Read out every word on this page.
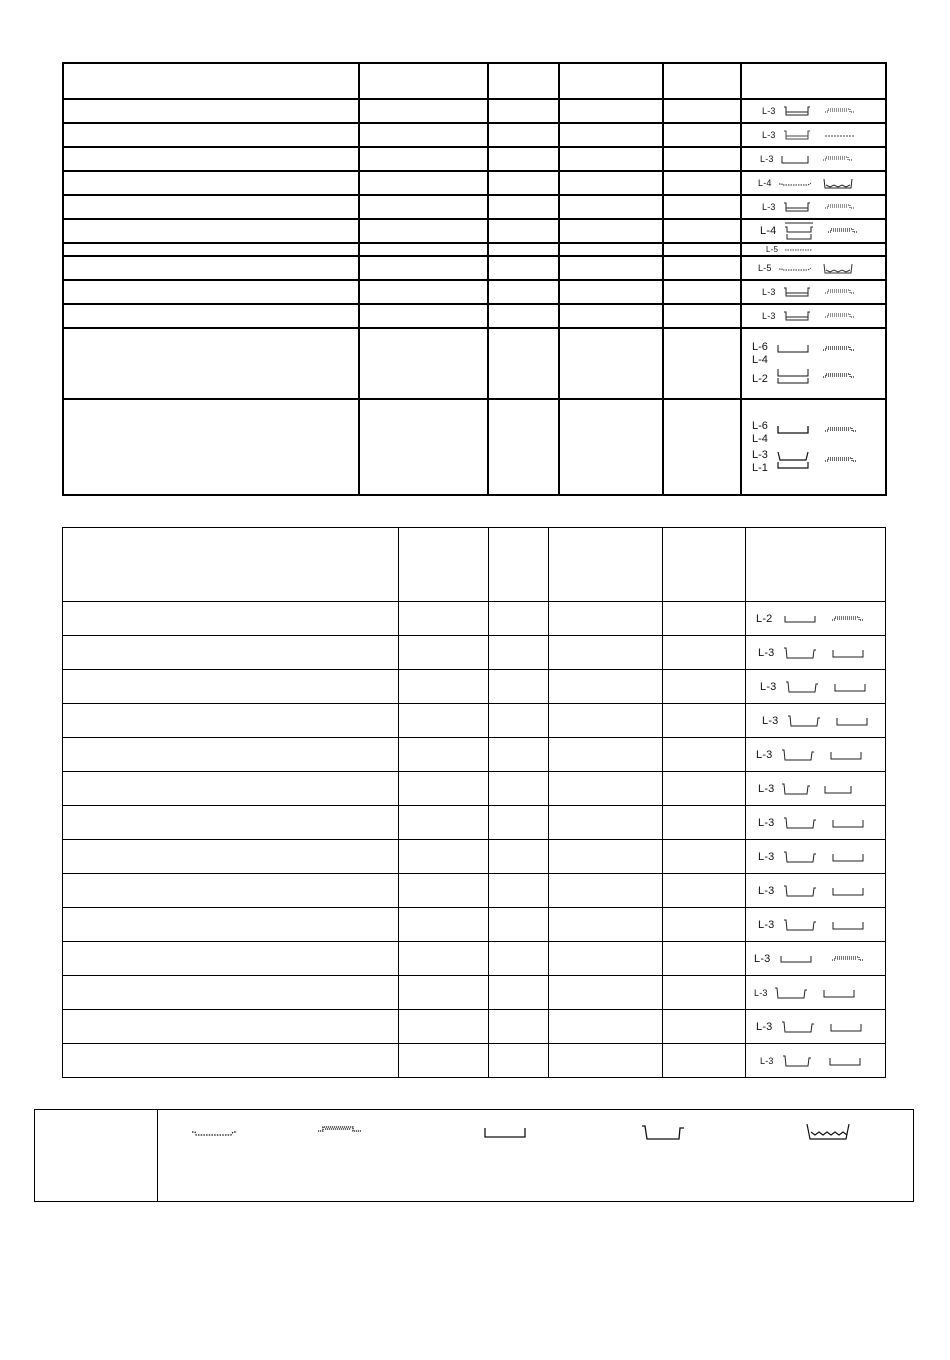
					L-3

					L-3

					L-3

					L-4

					L-3

					L-4

					L-5

					L-5

					L-3

					L-3

					L-6
L-4
L-2

					L-6
L-4
L-3
L-1

					L-2

					L-3

					L-3

					L-3

					L-3

					L-3

					L-3

					L-3

					L-3

					L-3

					L-3

					L-3

					L-3

					L-3
